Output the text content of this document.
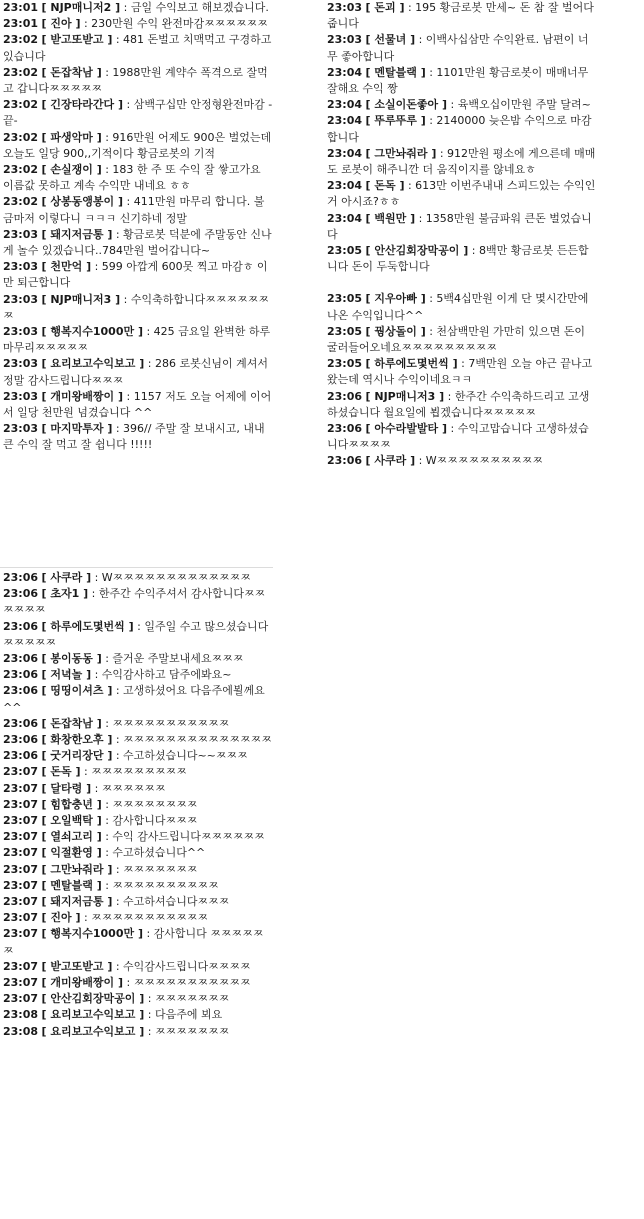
23:01 [ NJP매니저2 ] : 금일 수익보고 해보겠습니다.

23:01 [ 진아 ] : 230만원 수익 완전마감ㅉㅉㅉㅉㅉㅉ

23:02 [ 받고또받고 ] : 481 돈벌고 치맥먹고 구경하고 있습니다

23:02 [ 돈잡착남 ] : 1988만원 계약수 폭격으로 잘먹고 갑니다ㅉㅉㅉㅉㅉ

23:02 [ 긴장타라간다 ] : 삼백구십만 안정형완전마감 -끝-

23:02 [ 파생악마 ] : 916만원 어제도 900은 벌었는데 오늘도 일당 900,,기적이다 황금로봇의 기적

23:02 [ 손실쟁이 ] : 183 한 주 또 수익 잘 쌓고가요 이름값 못하고 계속 수익만 내네요 ㅎㅎ

23:02 [ 상봉동앵봉이 ] : 411만원 마무리 합니다. 불금마저 이렇다니 ㅋㅋㅋ 신기하네 정말

23:03 [ 돼지저금통 ] : 황금로봇 덕분에 주말동안 신나게 놀수 있겠습니다..784만원 벌어갑니다~

23:03 [ 천만억 ] : 599 아깝게 600못 찍고 마감ㅎ 이만 퇴근합니다

23:03 [ NJP매니저3 ] : 수익축하합니다ㅉㅉㅉㅉㅉㅉㅉ

23:03 [ 행복지수1000만 ] : 425 금요일 완벽한 하루 마무리ㅉㅉㅉㅉㅉ

23:03 [ 요리보고수익보고 ] : 286 로봇신님이 계셔서 정말 감사드립니다ㅉㅉㅉ

23:03 [ 개미왕배짱이 ] : 1157 저도 오늘 어제에 이어서 일당 천만원 넘겼습니다 ^^

23:03 [ 마지막투자 ] : 396// 주말 잘 보내시고, 내내 큰 수익 잘 먹고 잘 쉽니다 !!!!!

23:03 [ 돈괴 ] : 195 황금로봇 만세~ 돈 참 잘 벌어다 줍니다

23:03 [ 선물녀 ] : 이백사십삼만 수익완료. 남편이 너무 좋아합니다

23:04 [ 멘탈블랙 ] : 1101만원 황금로봇이 매매너무 잘해요 수익 짱

23:04 [ 소실이돈좋아 ] : 육백오십이만원 주말 달려~

23:04 [ 뚜루뚜루 ] : 2140000 늦은밤 수익으로 마감합니다

23:04 [ 그만놔줘라 ] : 912만원 평소에 게으른데 매매도 로봇이 해주니깐 더 움직이지를 않네요ㅎ

23:04 [ 돈독 ] : 613만 이번주내내 스피드있는 수익인거 아시죠?ㅎㅎ

23:04 [ 백원만 ] : 1358만원 불금파워 큰돈 벌었습니다

23:05 [ 안산김회장막공이 ] : 8백만 황금로봇 든든합니다 돈이 두둑합니다

23:05 [ 지우아빠 ] : 5백4십만원 이게 단 몇시간만에 나온 수익입니다^^

23:05 [ 꿩상돌이 ] : 천삼백만원 가만히 있으면 돈이 굴러들어오네요ㅉㅉㅉㅉㅉㅉㅉㅉㅉ

23:05 [ 하루에도몇번씩 ] : 7백만원 오늘 야근 끝나고 왔는데 역시나 수익이네요ㅋㅋ

23:06 [ NJP매니저3 ] : 한주간 수익축하드리고 고생하셨습니다 월요일에 뵙겠습니다ㅉㅉㅉㅉㅉ

23:06 [ 아수라발발타 ] : 수익고맙습니다 고생하셨습니다ㅉㅉㅉㅉ

23:06 [ 사쿠라 ] : Wㅉㅉㅉㅉㅉㅉㅉㅉㅉㅉ

23:06 [ 사쿠라 ] : Wㅉㅉㅉㅉㅉㅉㅉㅉㅉㅉㅉㅉㅉ

23:06 [ 초자1 ] : 한주간 수익주셔서 감사합니다ㅉㅉㅉㅉㅉㅉ

23:06 [ 하루에도몇번씩 ] : 일주일 수고 많으셨습니다ㅉㅉㅉㅉㅉ

23:06 [ 봉이동동 ] : 즐거운 주말보내세요ㅉㅉㅉ

23:06 [ 저녁놀 ] : 수익감사하고 담주에봐요~

23:06 [ 띵띵이셔츠 ] : 고생하셨어요 다음주에뵐께요^^

23:06 [ 돈잡착남 ] : ㅉㅉㅉㅉㅉㅉㅉㅉㅉㅉㅉ

23:06 [ 화창한오후 ] : ㅉㅉㅉㅉㅉㅉㅉㅉㅉㅉㅉㅉㅉㅉ

23:06 [ 굿거리장단 ] : 수고하셨습니다~~ㅉㅉㅉ

23:07 [ 돈독 ] : ㅉㅉㅉㅉㅉㅉㅉㅉㅉ

23:07 [ 달타령 ] : ㅉㅉㅉㅉㅉㅉ

23:07 [ 힘합충년 ] : ㅉㅉㅉㅉㅉㅉㅉㅉ

23:07 [ 오일백탁 ] : 감사합니다ㅉㅉㅉ

23:07 [ 열쇠고리 ] : 수익 감사드립니다ㅉㅉㅉㅉㅉㅉ

23:07 [ 익절환영 ] : 수고하셨습니다^^

23:07 [ 그만놔줘라 ] : ㅉㅉㅉㅉㅉㅉㅉ

23:07 [ 멘탈블랙 ] : ㅉㅉㅉㅉㅉㅉㅉㅉㅉㅉ

23:07 [ 돼지저금통 ] : 수고하셔습니다ㅉㅉㅉ

23:07 [ 진아 ] : ㅉㅉㅉㅉㅉㅉㅉㅉㅉㅉㅉ

23:07 [ 행복지수1000만 ] : 감사합니다 ㅉㅉㅉㅉㅉㅉ

23:07 [ 받고또받고 ] : 수익감사드립니다ㅉㅉㅉㅉ

23:07 [ 개미왕배짱이 ] : ㅉㅉㅉㅉㅉㅉㅉㅉㅉㅉㅉ

23:07 [ 안산김회장막공이 ] : ㅉㅉㅉㅉㅉㅉㅉ

23:08 [ 요리보고수익보고 ] : 다음주에 뵈요

23:08 [ 요리보고수익보고 ] : ㅉㅉㅉㅉㅉㅉㅉ
